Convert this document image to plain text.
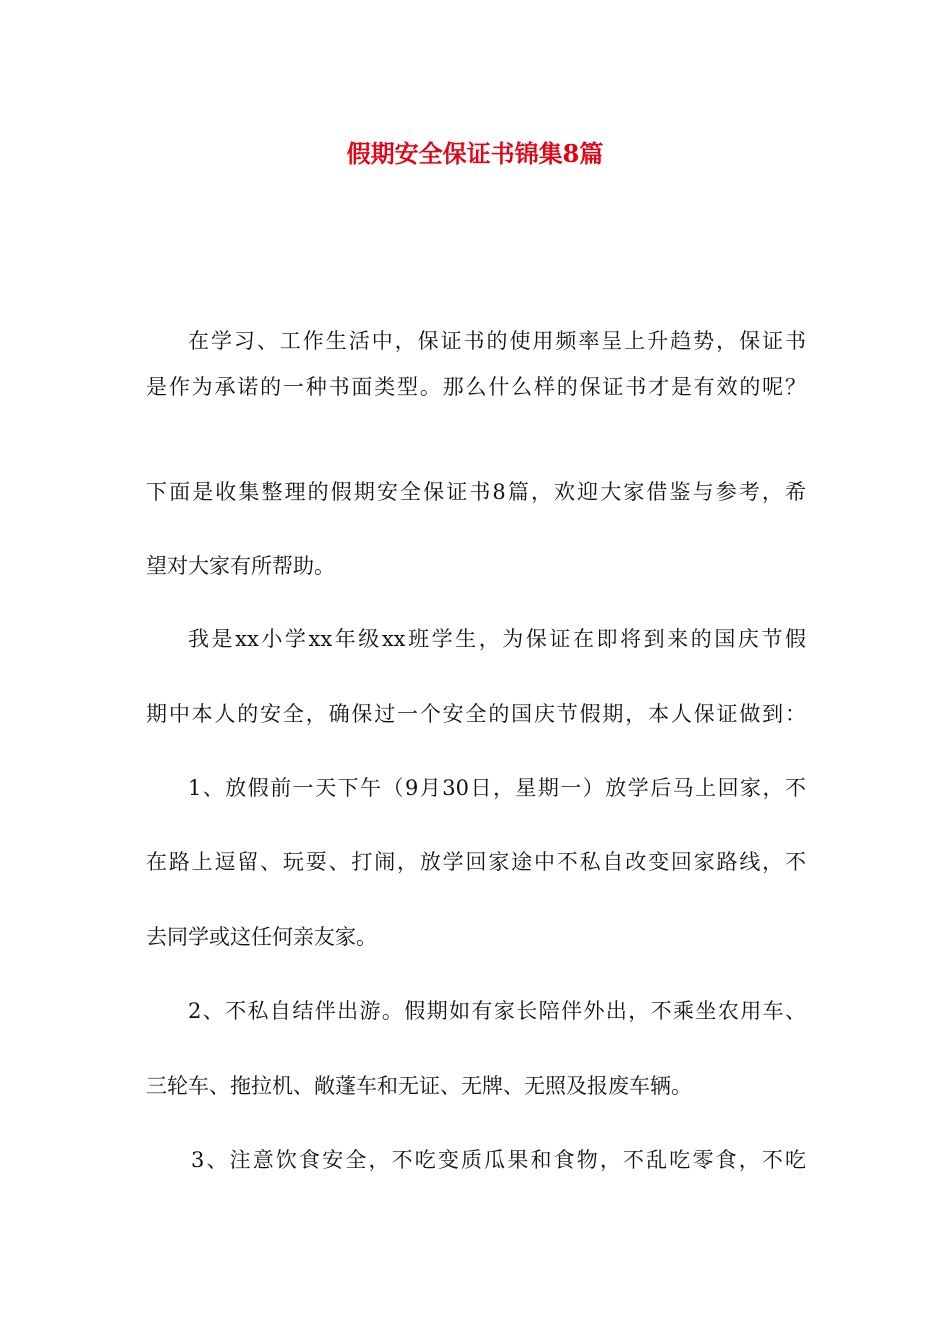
假期安全保证书锦集8篇

在学习、工作生活中，保证书的使用频率呈上升趋势，保证书

是作为承诺的一种书面类型。那么什么样的保证书才是有效的呢？

下面是收集整理的假期安全保证书8篇，欢迎大家借鉴与参考，希

望对大家有所帮助。

我是xx小学xx年级xx班学生，为保证在即将到来的国庆节假

期中本人的安全，确保过一个安全的国庆节假期，本人保证做到：

1、放假前一天下午（9月30日，星期一）放学后马上回家，不

在路上逗留、玩耍、打闹，放学回家途中不私自改变回家路线，不

去同学或这任何亲友家。

2、不私自结伴出游。假期如有家长陪伴外出，不乘坐农用车、

三轮车、拖拉机、敞蓬车和无证、无牌、无照及报废车辆。

3、注意饮食安全，不吃变质瓜果和食物，不乱吃零食，不吃
